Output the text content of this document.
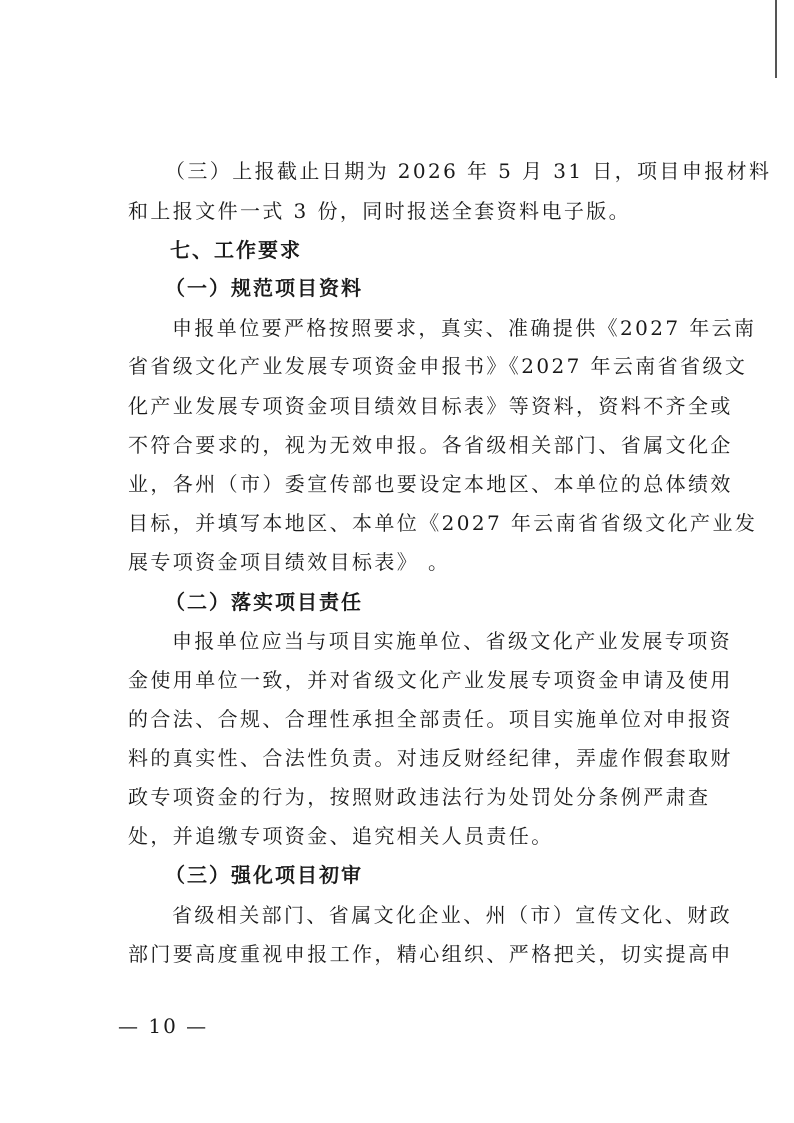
（三）上报截止日期为 2026 年 5 月 31 日，项目申报材料
和上报文件一式 3 份，同时报送全套资料电子版。
七、工作要求
（一）规范项目资料
申报单位要严格按照要求，真实、准确提供《2027 年云南
省省级文化产业发展专项资金申报书》《2027 年云南省省级文
化产业发展专项资金项目绩效目标表》等资料，资料不齐全或
不符合要求的，视为无效申报。各省级相关部门、省属文化企
业，各州（市）委宣传部也要设定本地区、本单位的总体绩效
目标，并填写本地区、本单位《2027 年云南省省级文化产业发
展专项资金项目绩效目标表》 。
（二）落实项目责任
申报单位应当与项目实施单位、省级文化产业发展专项资
金使用单位一致，并对省级文化产业发展专项资金申请及使用
的合法、合规、合理性承担全部责任。项目实施单位对申报资
料的真实性、合法性负责。对违反财经纪律，弄虚作假套取财
政专项资金的行为，按照财政违法行为处罚处分条例严肃查
处，并追缴专项资金、追究相关人员责任。
（三）强化项目初审
省级相关部门、省属文化企业、州（市）宣传文化、财政
部门要高度重视申报工作，精心组织、严格把关，切实提高申
— 10 —
